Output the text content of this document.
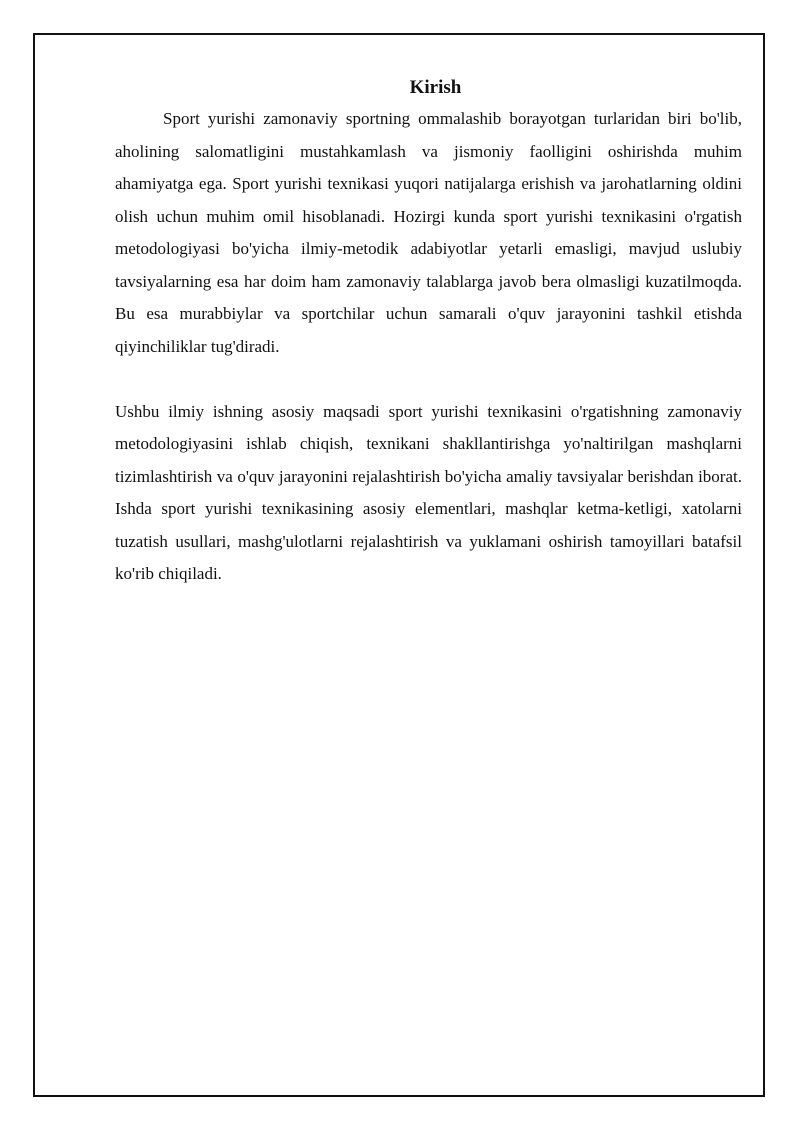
Kirish

Sport yurishi zamonaviy sportning ommalashib borayotgan turlaridan biri bo'lib, aholining salomatligini mustahkamlash va jismoniy faolligini oshirishda muhim ahamiyatga ega. Sport yurishi texnikasi yuqori natijalarga erishish va jarohatlarning oldini olish uchun muhim omil hisoblanadi. Hozirgi kunda sport yurishi texnikasini o'rgatish metodologiyasi bo'yicha ilmiy-metodik adabiyotlar yetarli emasligi, mavjud uslubiy tavsiyalarning esa har doim ham zamonaviy talablarga javob bera olmasligi kuzatilmoqda. Bu esa murabbiylar va sportchilar uchun samarali o'quv jarayonini tashkil etishda qiyinchiliklar tug'diradi.

Ushbu ilmiy ishning asosiy maqsadi sport yurishi texnikasini o'rgatishning zamonaviy metodologiyasini ishlab chiqish, texnikani shakllantirishga yo'naltirilgan mashqlarni tizimlashtirish va o'quv jarayonini rejalashtirish bo'yicha amaliy tavsiyalar berishdan iborat. Ishda sport yurishi texnikasining asosiy elementlari, mashqlar ketma-ketligi, xatolarni tuzatish usullari, mashg'ulotlarni rejalashtirish va yuklamani oshirish tamoyillari batafsil ko'rib chiqiladi.
